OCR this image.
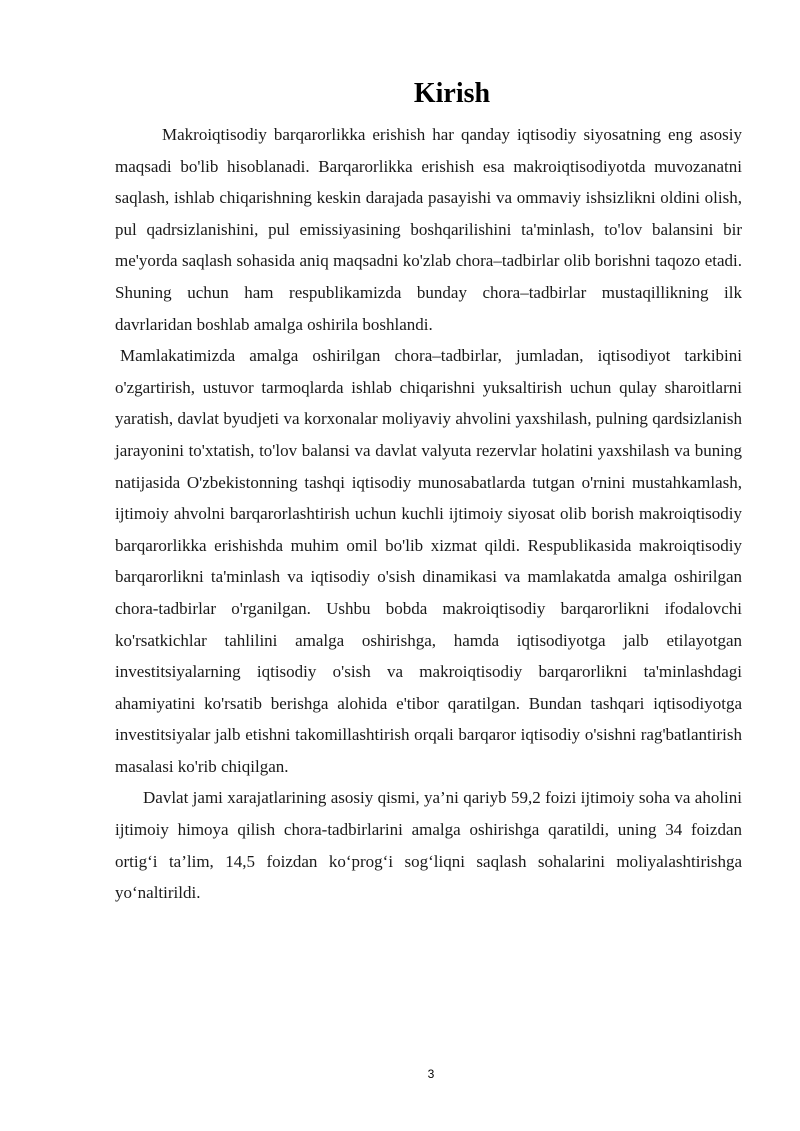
Kirish

Makroiqtisodiy barqarorlikka erishish har qanday iqtisodiy siyosatning eng asosiy maqsadi bo'lib hisoblanadi. Barqarorlikka erishish esa makroiqtisodiyotda muvozanatni saqlash, ishlab chiqarishning keskin darajada pasayishi va ommaviy ishsizlikni oldini olish, pul qadrsizlanishini, pul emissiyasining boshqarilishini ta'minlash, to'lov balansini bir me'yorda saqlash sohasida aniq maqsadni ko'zlab chora–tadbirlar olib borishni taqozo etadi. Shuning uchun ham respublikamizda bunday chora–tadbirlar mustaqillikning ilk davrlaridan boshlab amalga oshirila boshlandi.

Mamlakatimizda amalga oshirilgan chora–tadbirlar, jumladan, iqtisodiyot tarkibini o'zgartirish, ustuvor tarmoqlarda ishlab chiqarishni yuksaltirish uchun qulay sharoitlarni yaratish, davlat byudjeti va korxonalar moliyaviy ahvolini yaxshilash, pulning qardsizlanish jarayonini to'xtatish, to'lov balansi va davlat valyuta rezervlar holatini yaxshilash va buning natijasida O'zbekistonning tashqi iqtisodiy munosabatlarda tutgan o'rnini mustahkamlash, ijtimoiy ahvolni barqarorlashtirish uchun kuchli ijtimoiy siyosat olib borish makroiqtisodiy barqarorlikka erishishda muhim omil bo'lib xizmat qildi. Respublikasida makroiqtisodiy barqarorlikni ta'minlash va iqtisodiy o'sish dinamikasi va mamlakatda amalga oshirilgan chora-tadbirlar o'rganilgan. Ushbu bobda makroiqtisodiy barqarorlikni ifodalovchi ko'rsatkichlar tahlilini amalga oshirishga, hamda iqtisodiyotga jalb etilayotgan investitsiyalarning iqtisodiy o'sish va makroiqtisodiy barqarorlikni ta'minlashdagi ahamiyatini ko'rsatib berishga alohida e'tibor qaratilgan. Bundan tashqari iqtisodiyotga investitsiyalar jalb etishni takomillashtirish orqali barqaror iqtisodiy o'sishni rag'batlantirish masalasi ko'rib chiqilgan.

Davlat jami xarajatlarining asosiy qismi, ya’ni qariyb 59,2 foizi ijtimoiy soha va aholini ijtimoiy himoya qilish chora-tadbirlarini amalga oshirishga qaratildi, uning 34 foizdan ortig‘i ta’lim, 14,5 foizdan ko‘prog‘i sog‘liqni saqlash sohalarini moliyalashtirishga yo‘naltirildi.

3
